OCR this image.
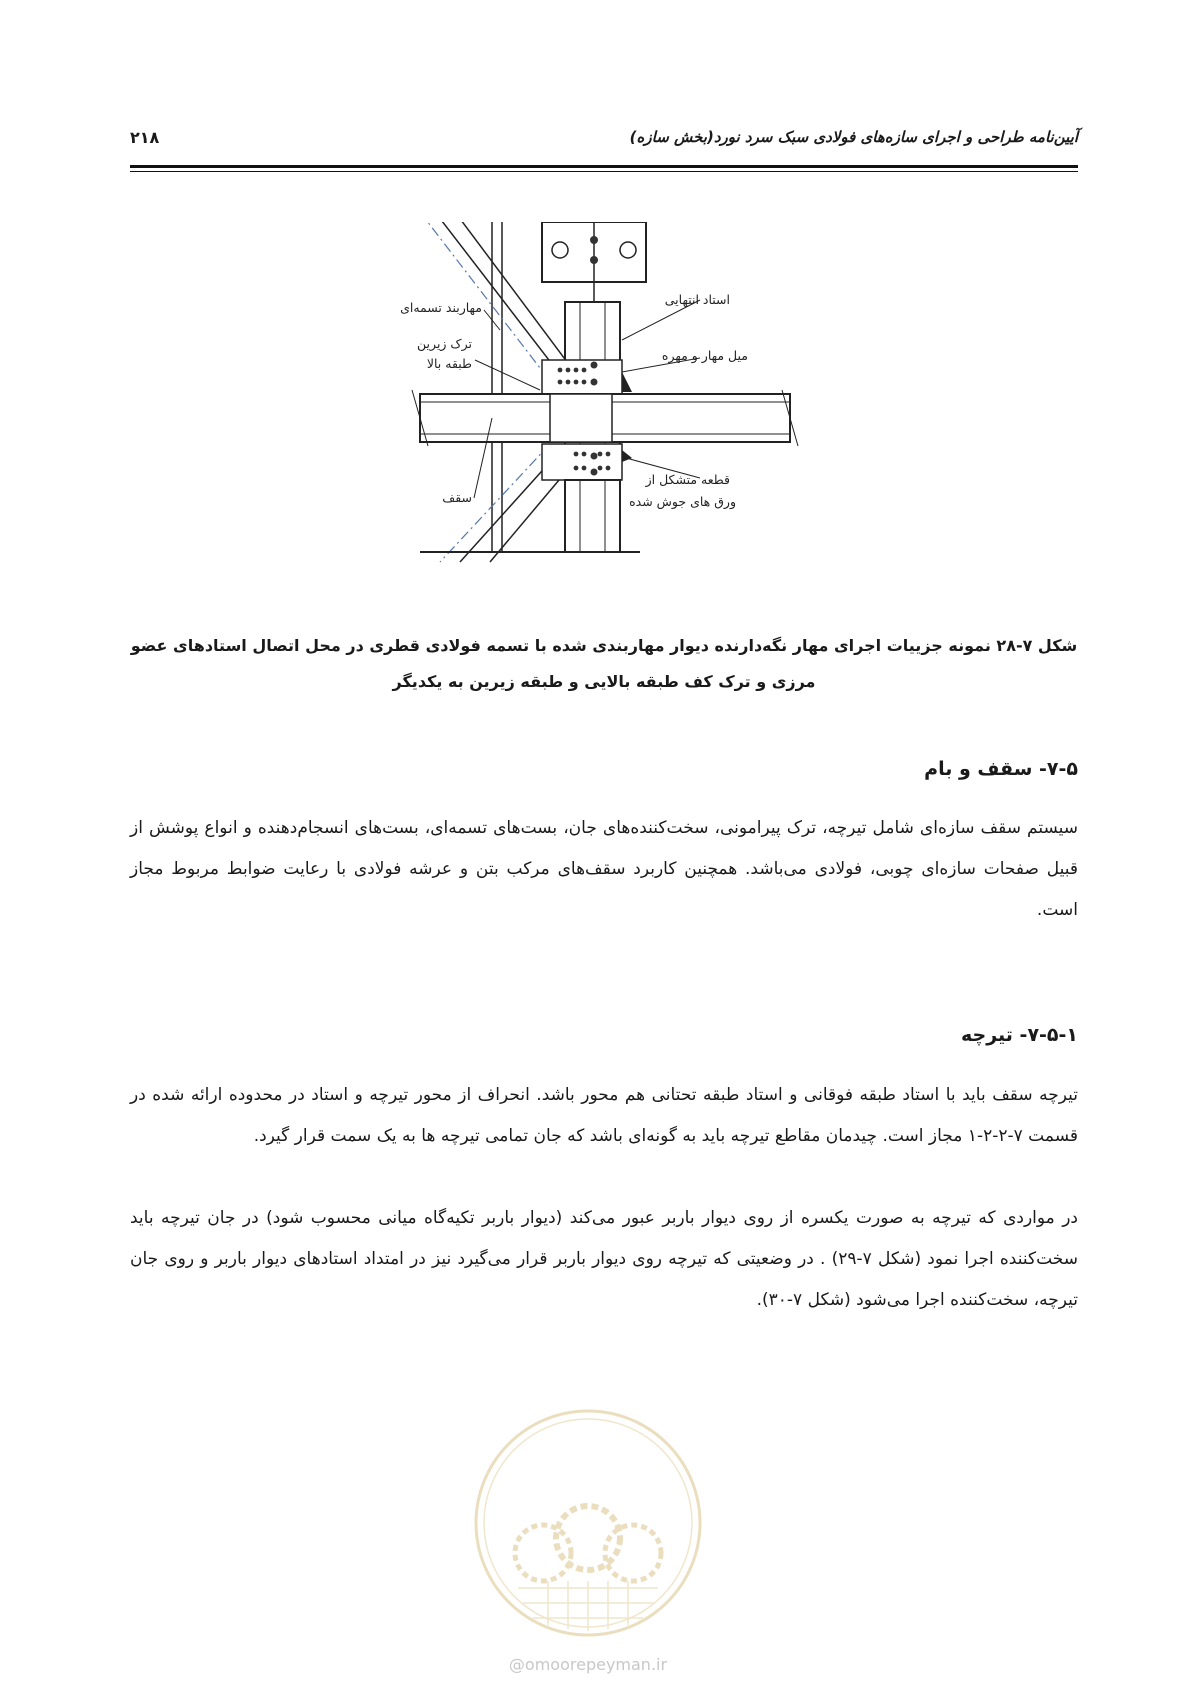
۲۱۸	آیین‌نامه طراحی و اجرای سازه‌های فولادی سبک سرد نورد(بخش سازه)
مهاربند تسمه‌ای
استاد انتهایی
ترک زیرین
طبقه بالا
میل مهار و مهره
سقف
قطعه متشکل از
ورق های جوش شده
شکل ۷-۲۸ نمونه جزییات اجرای مهار نگه‌دارنده دیوار مهاربندی شده با تسمه فولادی قطری در محل اتصال استادهای عضو
مرزی و ترک کف طبقه بالایی و طبقه زیرین به یکدیگر
۷-۵- سقف و بام
سیستم سقف سازه‌ای شامل تیرچه، ترک پیرامونی، سخت‌کننده‌های جان، بست‌های تسمه‌ای، بست‌های انسجام‌دهنده و انواع پوشش از قبیل صفحات سازه‌ای چوبی، فولادی می‌باشد. همچنین کاربرد سقف‌های مرکب بتن و عرشه فولادی با رعایت ضوابط مربوط مجاز است.
۷-۵-۱- تیرچه
تیرچه سقف باید با استاد طبقه فوقانی و استاد طبقه تحتانی هم محور باشد. انحراف از محور تیرچه و استاد در محدوده ارائه شده در قسمت ۷-۲-۲-۱ مجاز است. چیدمان مقاطع تیرچه باید به گونه‌ای باشد که جان تمامی تیرچه ها به یک سمت قرار گیرد.
در مواردی که تیرچه به صورت یکسره از روی دیوار باربر عبور می‌کند (دیوار باربر تکیه‌گاه میانی محسوب شود) در جان تیرچه باید سخت‌کننده اجرا نمود (شکل ۷-۲۹) . در وضعیتی که تیرچه روی دیوار باربر قرار می‌گیرد نیز در امتداد استادهای دیوار باربر و روی جان تیرچه، سخت‌کننده اجرا می‌شود (شکل ۷-۳۰).
@omoorepeyman.ir
